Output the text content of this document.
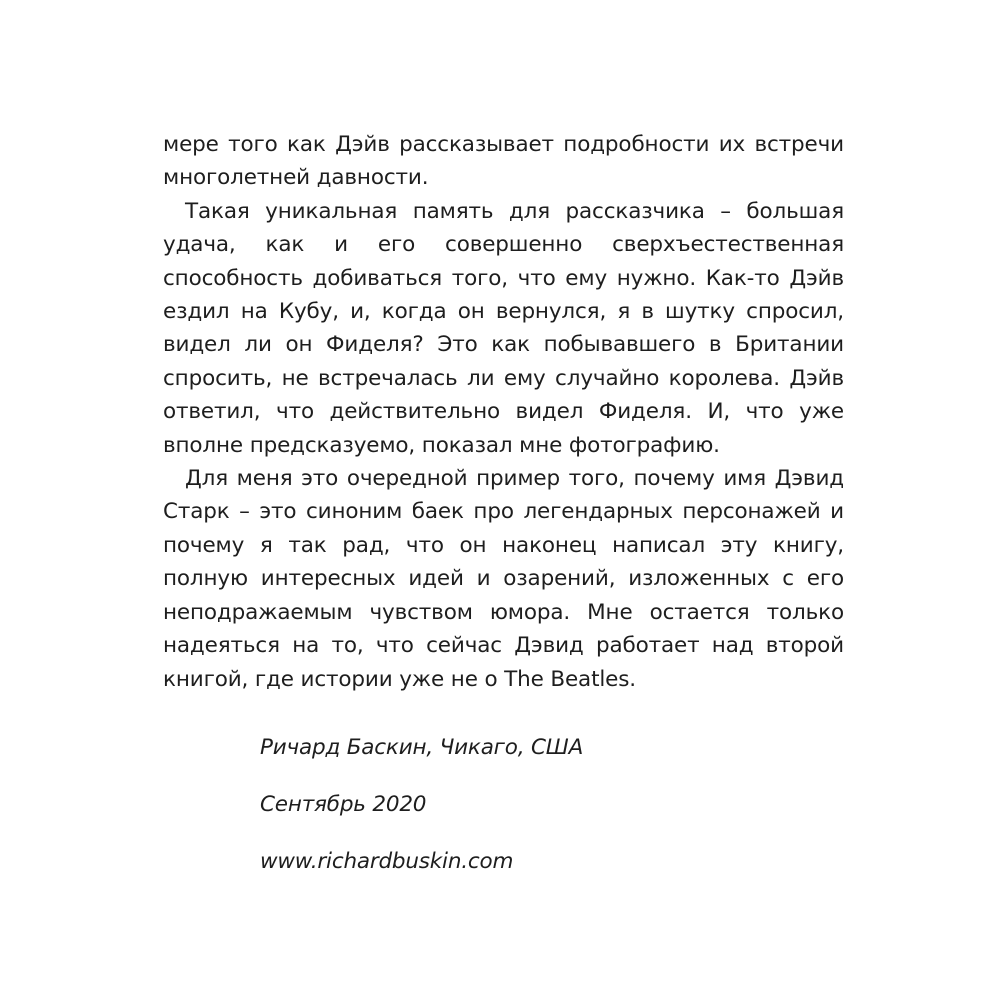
мере того как Дэйв рассказывает подробности их встречи многолетней давности.

Такая уникальная память для рассказчика – большая удача, как и его совершенно сверхъестественная способность добиваться того, что ему нужно. Как-то Дэйв ездил на Кубу, и, когда он вернулся, я в шутку спросил, видел ли он Фиделя? Это как побывавшего в Британии спросить, не встречалась ли ему случайно королева. Дэйв ответил, что действительно видел Фиделя. И, что уже вполне предсказуемо, показал мне фотографию.

Для меня это очередной пример того, почему имя Дэвид Старк – это синоним баек про легендарных персонажей и почему я так рад, что он наконец написал эту книгу, полную интересных идей и озарений, изложенных с его неподражаемым чувством юмора. Мне остается только надеяться на то, что сейчас Дэвид работает над второй книгой, где истории уже не о The Beatles.

Ричард Баскин, Чикаго, США
Сентябрь 2020
www.richardbuskin.com
